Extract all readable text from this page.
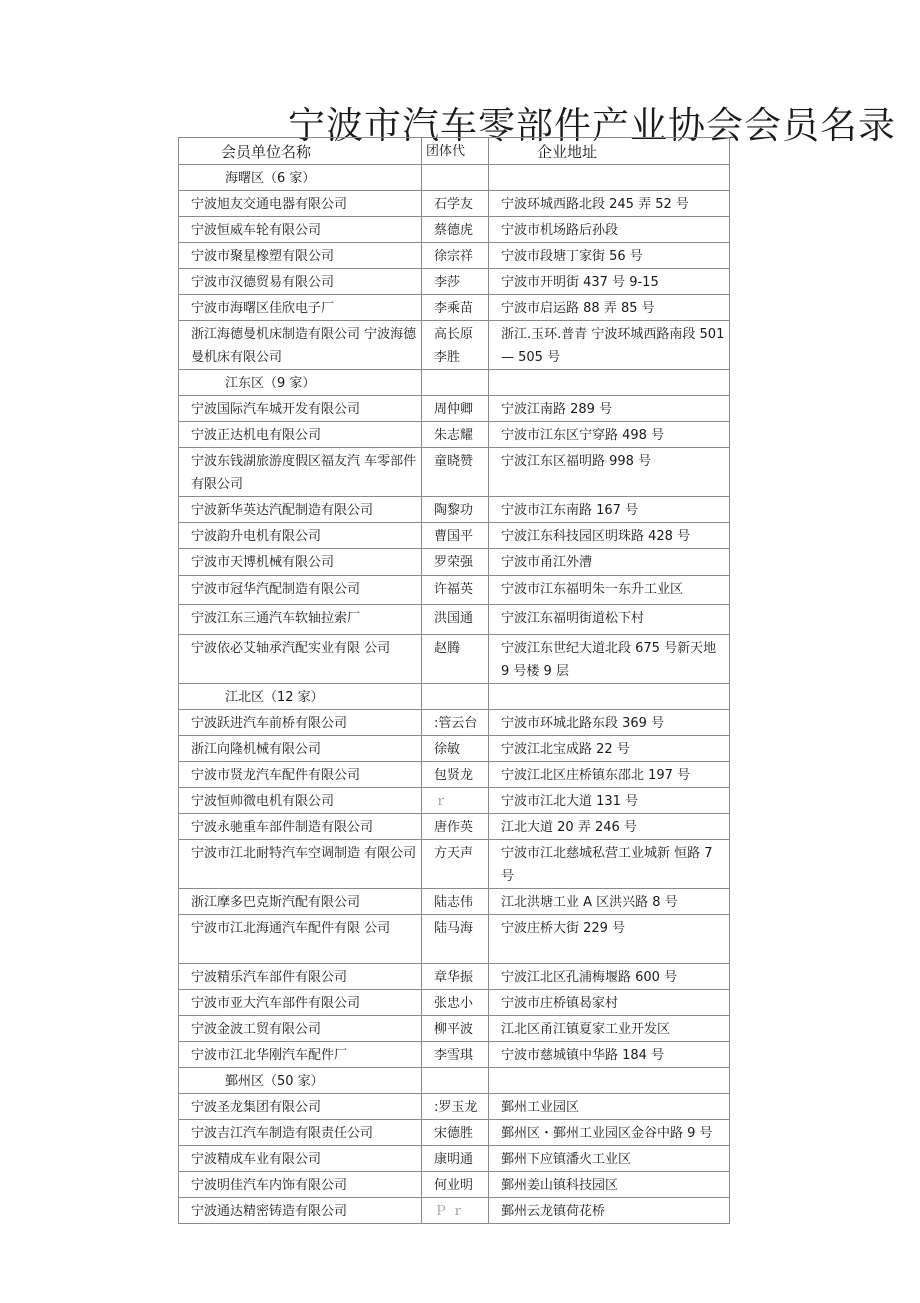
宁波市汽车零部件产业协会会员名录
会员单位名称	团体代	企业地址
海曙区（6 家）		
宁波旭友交通电器有限公司	石学友	宁波环城西路北段 245 弄 52 号
宁波恒威车轮有限公司	蔡德虎	宁波市机场路后孙段
宁波市聚星橡塑有限公司	徐宗祥	宁波市段塘丁家街 56 号
宁波市汉德贸易有限公司	李莎	宁波市开明街 437 号 9-15
宁波市海曙区佳欣电子厂	李乘苗	宁波市启运路 88 弄 85 号
浙江海德曼机床制造有限公司 宁波海德曼机床有限公司	高长原 李胜	浙江.玉环.普青 宁波环城西路南段 501 — 505 号
江东区（9 家）		
宁波国际汽车城开发有限公司	周仲卿	宁波江南路 289 号
宁波正达机电有限公司	朱志耀	宁波市江东区宁穿路 498 号
宁波东钱湖旅游度假区福友汽 车零部件有限公司	童晓赞	宁波江东区福明路 998 号
宁波新华英达汽配制造有限公司	陶黎功	宁波市江东南路 167 号
宁波韵升电机有限公司	曹国平	宁波江东科技园区明珠路 428 号
宁波市天博机械有限公司	罗荣强	宁波市甬江外漕
宁波市冠华汽配制造有限公司	许福英	宁波市江东福明朱一东升工业区
宁波江东三通汽车软轴拉索厂	洪国通	宁波江东福明街道松下村
宁波依必艾轴承汽配实业有限 公司	赵腾	宁波江东世纪大道北段 675 号新天地 9 号楼 9 层
江北区（12 家）		
宁波跃进汽车前桥有限公司	:管云台	宁波市环城北路东段 369 号
浙江向隆机械有限公司	徐敏	宁波江北宝成路 22 号
宁波市贤龙汽车配件有限公司	包贤龙	宁波江北区庄桥镇东邵北 197 号
宁波恒帅微电机有限公司	ｒ	宁波市江北大道 131 号
宁波永驰重车部件制造有限公司	唐作英	江北大道 20 弄 246 号
宁波市江北耐特汽车空调制造 有限公司	方天声	宁波市江北慈城私营工业城新 恒路 7 号
浙江摩多巴克斯汽配有限公司	陆志伟	江北洪塘工业 A 区洪兴路 8 号
宁波市江北海通汽车配件有限 公司	陆马海	宁波庄桥大街 229 号
宁波精乐汽车部件有限公司	章华振	宁波江北区孔浦梅堰路 600 号
宁波市亚大汽车部件有限公司	张忠小	宁波市庄桥镇曷家村
宁波金波工贸有限公司	柳平波	江北区甬江镇夏家工业开发区
宁波市江北华刚汽车配件厂	李雪琪	宁波市慈城镇中华路 184 号
鄞州区（50 家）		
宁波圣龙集团有限公司	:罗玉龙	鄞州工业园区
宁波吉江汽车制造有限责任公司	宋德胜	鄞州区・鄞州工业园区金谷中路 9 号
宁波精成车业有限公司	康明通	鄞州下应镇潘火工业区
宁波明佳汽车内饰有限公司	何业明	鄞州姜山镇科技园区
宁波通达精密铸造有限公司	Ｐ ｒ	鄞州云龙镇荷花桥
